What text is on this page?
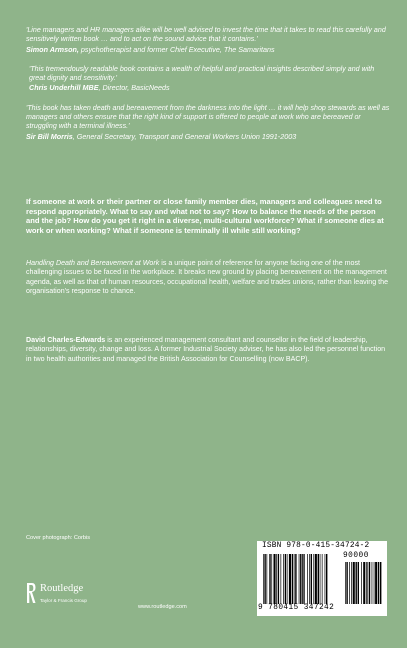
'Line managers and HR managers alike will be well advised to invest the time that it takes to read this carefully and sensitively written book … and to act on the sound advice that it contains.'
Simon Armson, psychotherapist and former Chief Executive, The Samaritans
'This tremendously readable book contains a wealth of helpful and practical insights described simply and with great dignity and sensitivity.'
Chris Underhill MBE, Director, BasicNeeds
'This book has taken death and bereavement from the darkness into the light … it will help shop stewards as well as managers and others ensure that the right kind of support is offered to people at work who are bereaved or struggling with a terminal illness.'
Sir Bill Morris, General Secretary, Transport and General Workers Union 1991-2003
If someone at work or their partner or close family member dies, managers and colleagues need to respond appropriately. What to say and what not to say? How to balance the needs of the person and the job? How do you get it right in a diverse, multi-cultural workforce? What if someone dies at work or when working? What if someone is terminally ill while still working?
Handling Death and Bereavement at Work is a unique point of reference for anyone facing one of the most challenging issues to be faced in the workplace. It breaks new ground by placing bereavement on the management agenda, as well as that of human resources, occupational health, welfare and trades unions, rather than leaving the organisation's response to chance.
David Charles-Edwards is an experienced management consultant and counsellor in the field of leadership, relationships, diversity, change and loss. A former Industrial Society adviser, he has also led the personnel function in two health authorities and managed the British Association for Counselling (now BACP).
Cover photograph: Corbis
Routledge
Taylor & Francis Group
www.routledge.com
ISBN 978-0-415-34724-2
90000
9 780415 347242
